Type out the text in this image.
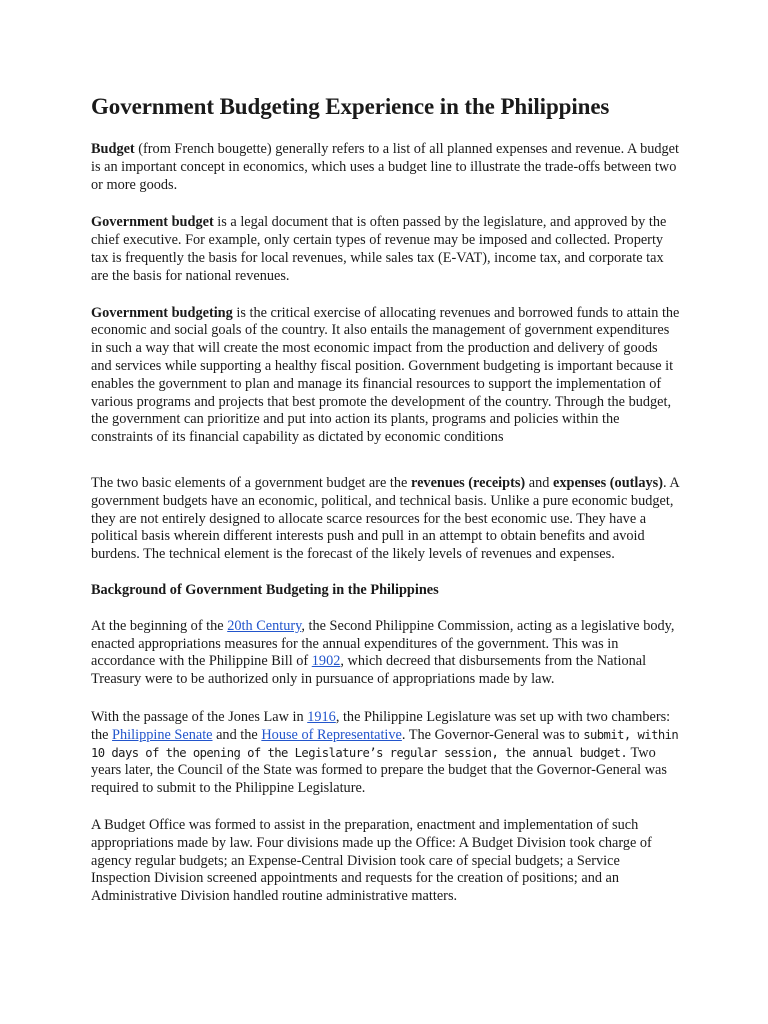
Government Budgeting Experience in the Philippines

Budget (from French bougette) generally refers to a list of all planned expenses and revenue. A budget is an important concept in economics, which uses a budget line to illustrate the trade-offs between two or more goods.

Government budget is a legal document that is often passed by the legislature, and approved by the chief executive. For example, only certain types of revenue may be imposed and collected. Property tax is frequently the basis for local revenues, while sales tax (E-VAT), income tax, and corporate tax are the basis for national revenues.

Government budgeting is the critical exercise of allocating revenues and borrowed funds to attain the economic and social goals of the country. It also entails the management of government expenditures in such a way that will create the most economic impact from the production and delivery of goods and services while supporting a healthy fiscal position. Government budgeting is important because it enables the government to plan and manage its financial resources to support the implementation of various programs and projects that best promote the development of the country. Through the budget, the government can prioritize and put into action its plants, programs and policies within the constraints of its financial capability as dictated by economic conditions

The two basic elements of a government budget are the revenues (receipts) and expenses (outlays). A government budgets have an economic, political, and technical basis. Unlike a pure economic budget, they are not entirely designed to allocate scarce resources for the best economic use. They have a political basis wherein different interests push and pull in an attempt to obtain benefits and avoid burdens. The technical element is the forecast of the likely levels of revenues and expenses.

Background of Government Budgeting in the Philippines

At the beginning of the 20th Century, the Second Philippine Commission, acting as a legislative body, enacted appropriations measures for the annual expenditures of the government. This was in accordance with the Philippine Bill of 1902, which decreed that disbursements from the National Treasury were to be authorized only in pursuance of appropriations made by law.

With the passage of the Jones Law in 1916, the Philippine Legislature was set up with two chambers: the Philippine Senate and the House of Representative. The Governor-General was to submit, within 10 days of the opening of the Legislature’s regular session, the annual budget. Two years later, the Council of the State was formed to prepare the budget that the Governor-General was required to submit to the Philippine Legislature.

A Budget Office was formed to assist in the preparation, enactment and implementation of such appropriations made by law. Four divisions made up the Office: A Budget Division took charge of agency regular budgets; an Expense-Central Division took care of special budgets; a Service Inspection Division screened appointments and requests for the creation of positions; and an Administrative Division handled routine administrative matters.
